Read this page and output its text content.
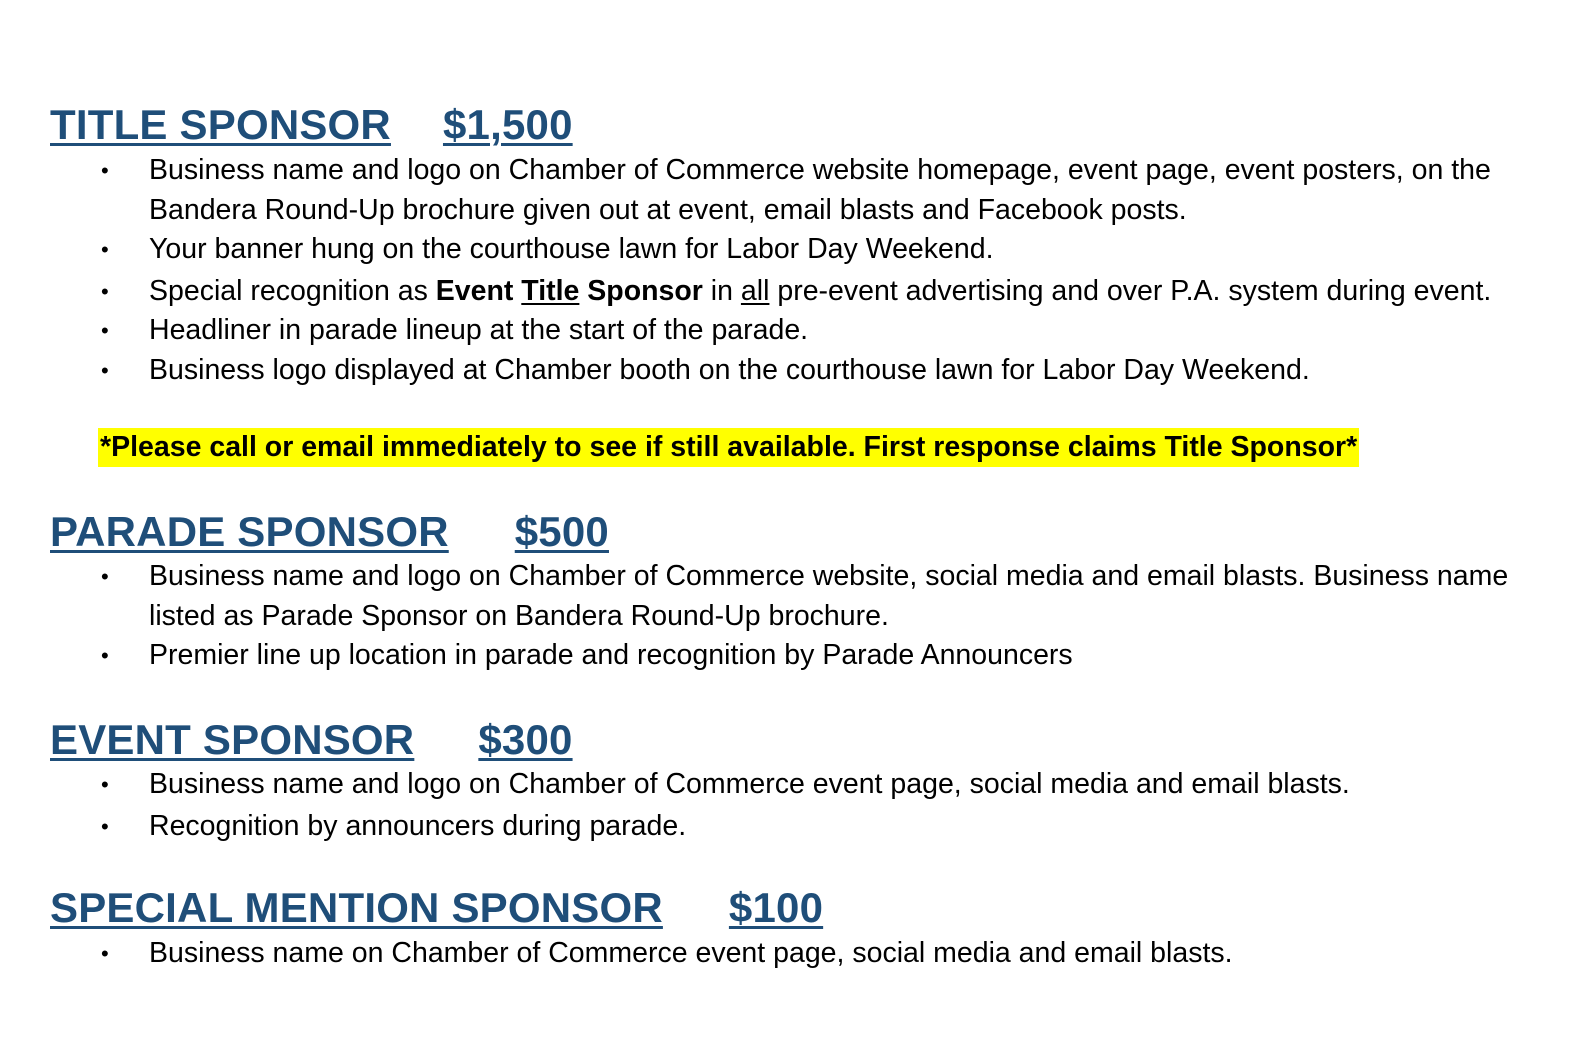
TITLE SPONSOR $1,500
• Business name and logo on Chamber of Commerce website homepage, event page, event posters, on the Bandera Round-Up brochure given out at event, email blasts and Facebook posts.
• Your banner hung on the courthouse lawn for Labor Day Weekend.
• Special recognition as Event Title Sponsor in all pre-event advertising and over P.A. system during event.
• Headliner in parade lineup at the start of the parade.
• Business logo displayed at Chamber booth on the courthouse lawn for Labor Day Weekend.

*Please call or email immediately to see if still available. First response claims Title Sponsor*

PARADE SPONSOR $500
• Business name and logo on Chamber of Commerce website, social media and email blasts. Business name listed as Parade Sponsor on Bandera Round-Up brochure.
• Premier line up location in parade and recognition by Parade Announcers
EVENT SPONSOR $300
• Business name and logo on Chamber of Commerce event page, social media and email blasts.
• Recognition by announcers during parade.
SPECIAL MENTION SPONSOR $100
• Business name on Chamber of Commerce event page, social media and email blasts.
